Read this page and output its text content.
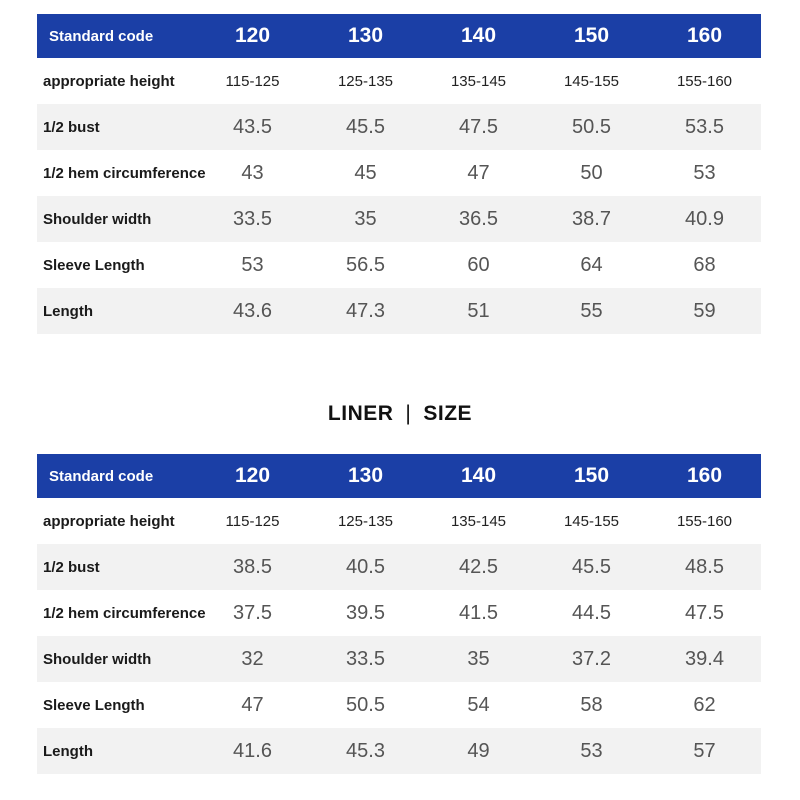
Standard code	120	130	140	150	160
appropriate height	115-125	125-135	135-145	145-155	155-160
1/2 bust	43.5	45.5	47.5	50.5	53.5
1/2 hem circumference	43	45	47	50	53
Shoulder width	33.5	35	36.5	38.7	40.9
Sleeve Length	53	56.5	60	64	68
Length	43.6	47.3	51	55	59
LINER | SIZE
Standard code	120	130	140	150	160
appropriate height	115-125	125-135	135-145	145-155	155-160
1/2 bust	38.5	40.5	42.5	45.5	48.5
1/2 hem circumference	37.5	39.5	41.5	44.5	47.5
Shoulder width	32	33.5	35	37.2	39.4
Sleeve Length	47	50.5	54	58	62
Length	41.6	45.3	49	53	57
